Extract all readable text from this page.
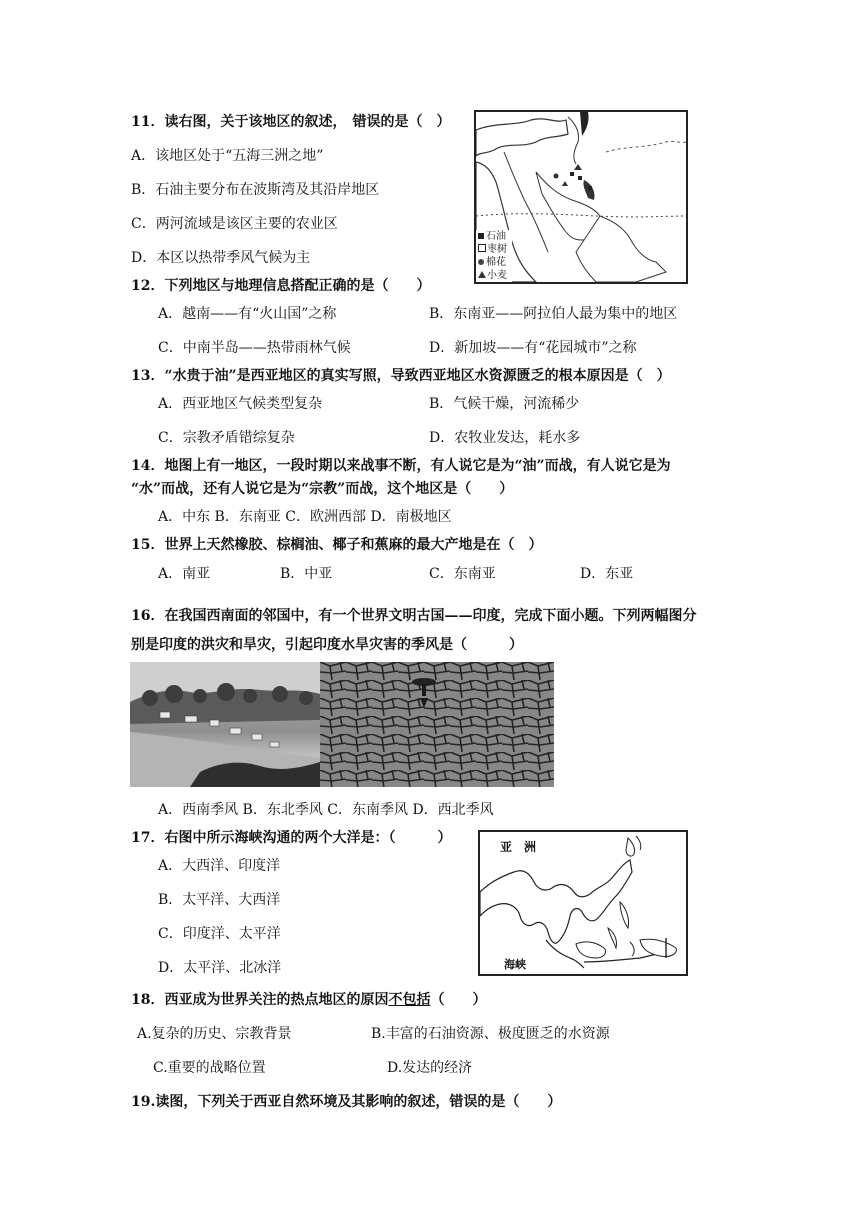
11．读右图，关于该地区的叙述， 错误的是（　）
A．该地区处于“五海三洲之地”
B．石油主要分布在波斯湾及其沿岸地区
C．两河流域是该区主要的农业区
D．本区以热带季风气候为主
石油
枣树
棉花
小麦
12．下列地区与地理信息搭配正确的是（　　）
A．越南——有“火山国”之称	B．东南亚——阿拉伯人最为集中的地区
C．中南半岛——热带雨林气候	D．新加坡——有“花园城市”之称
13．“水贵于油”是西亚地区的真实写照，导致西亚地区水资源匮乏的根本原因是（　）
A．西亚地区气候类型复杂	B．气候干燥，河流稀少
C．宗教矛盾错综复杂	D．农牧业发达，耗水多
14．地图上有一地区，一段时期以来战事不断，有人说它是为“油”而战，有人说它是为
“水”而战，还有人说它是为“宗教”而战，这个地区是（　　）
A．中东 B．东南亚 C．欧洲西部 D．南极地区
15．世界上天然橡胶、棕榈油、椰子和蕉麻的最大产地是在（　）
A．南亚	B．中亚	C．东南亚	D．东亚
16．在我国西南面的邻国中，有一个世界文明古国——印度，完成下面小题。下列两幅图分
别是印度的洪灾和旱灾，引起印度水旱灾害的季风是（　　　）
A．西南季风 B．东北季风 C．东南季风 D．西北季风
17．右图中所示海峡沟通的两个大洋是：（　　　）
A．大西洋、印度洋
B．太平洋、大西洋
C．印度洋、太平洋
D．太平洋、北冰洋
亚　洲
海峡
18．西亚成为世界关注的热点地区的原因不包括（　　）
A.复杂的历史、宗教背景	B.丰富的石油资源、极度匮乏的水资源
C.重要的战略位置	D.发达的经济
19.读图，下列关于西亚自然环境及其影响的叙述，错误的是（　　）
